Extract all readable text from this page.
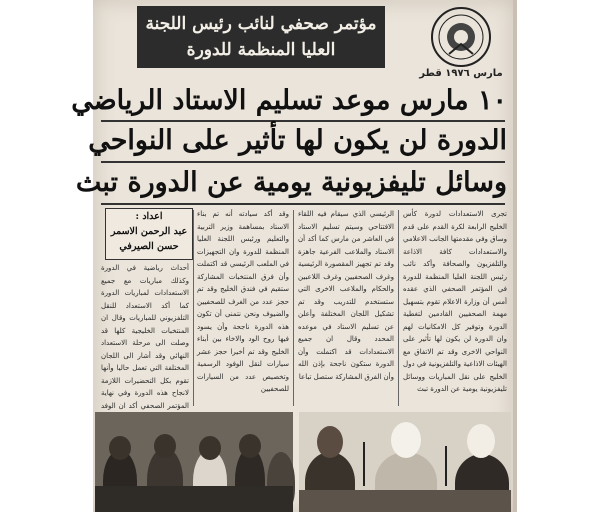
مؤتمر صحفي لنائب رئيس اللجنة
العليا المنظمة للدورة
مارس ١٩٧٦ قطر
١٠ مارس موعد تسليم الاستاد الرياضي
الدورة لن يكون لها تأثير على النواحي
وسائل تليفزيونية يومية عن الدورة تبث
تجرى الاستعدادات لدورة كأس الخليج الرابعة لكرة القدم على قدم وساق وفي مقدمتها الجانب الاعلامي والاستعدادات كافة الاذاعة والتلفزيون والصحافة وأكد نائب رئيس اللجنة العليا المنظمة للدورة في المؤتمر الصحفي الذي عقده أمس أن وزارة الاعلام تقوم بتسهيل مهمة الصحفيين القادمين لتغطية الدورة وتوفير كل الامكانيات لهم وان الدورة لن يكون لها تأثير على النواحي الاخرى وقد تم الاتفاق مع الهيئات الاذاعية والتلفزيونية في دول الخليج على نقل المباريات ووسائل تليفزيونية يومية عن الدورة تبث
الرئيسي الذي سيقام فيه اللقاء الافتتاحي وسيتم تسليم الاستاد في العاشر من مارس كما أكد أن الاستاد والملاعب الفرعية جاهزة وقد تم تجهيز المقصورة الرئيسية وغرف الصحفيين وغرف اللاعبين والحكام والملاعب الاخرى التي ستستخدم للتدريب وقد تم تشكيل اللجان المختلفة وأعلن عن تسليم الاستاد في موعده المحدد وقال ان جميع الاستعدادات قد اكتملت وأن الدورة ستكون ناجحة بإذن الله وأن الفرق المشاركة ستصل تباعا
وقد أكد سيادته أنه تم بناء الاستاد بمساهمة وزير التربية والتعليم ورئيس اللجنة العليا المنظمة للدورة وان التجهيزات في الملعب الرئيسي قد اكتملت وأن فرق المنتخبات المشاركة ستقيم في فندق الخليج وقد تم حجز عدد من الغرف للصحفيين والضيوف ونحن نتمنى أن تكون هذه الدورة ناجحة وأن يسود فيها روح الود والاخاء بين أبناء الخليج وقد تم أخيرا حجز عشر سيارات لنقل الوفود الرسمية وتخصيص عدد من السيارات للصحفيين
اعداد :
عبد الرحمن الاسمر
حسن الصيرفي
أحداث رياضية في الدورة وكذلك مباريات مع جميع الاستعدادات لمباريات الدورة كما أكد الاستعداد للنقل التلفزيوني للمباريات وقال ان المنتخبات الخليجية كلها قد وصلت الى مرحلة الاستعداد النهائي وقد أشار الى اللجان المختلفة التي تعمل حاليا وأنها تقوم بكل التحضيرات اللازمة لانجاح هذه الدورة وفي نهاية المؤتمر الصحفي أكد ان الوفد
